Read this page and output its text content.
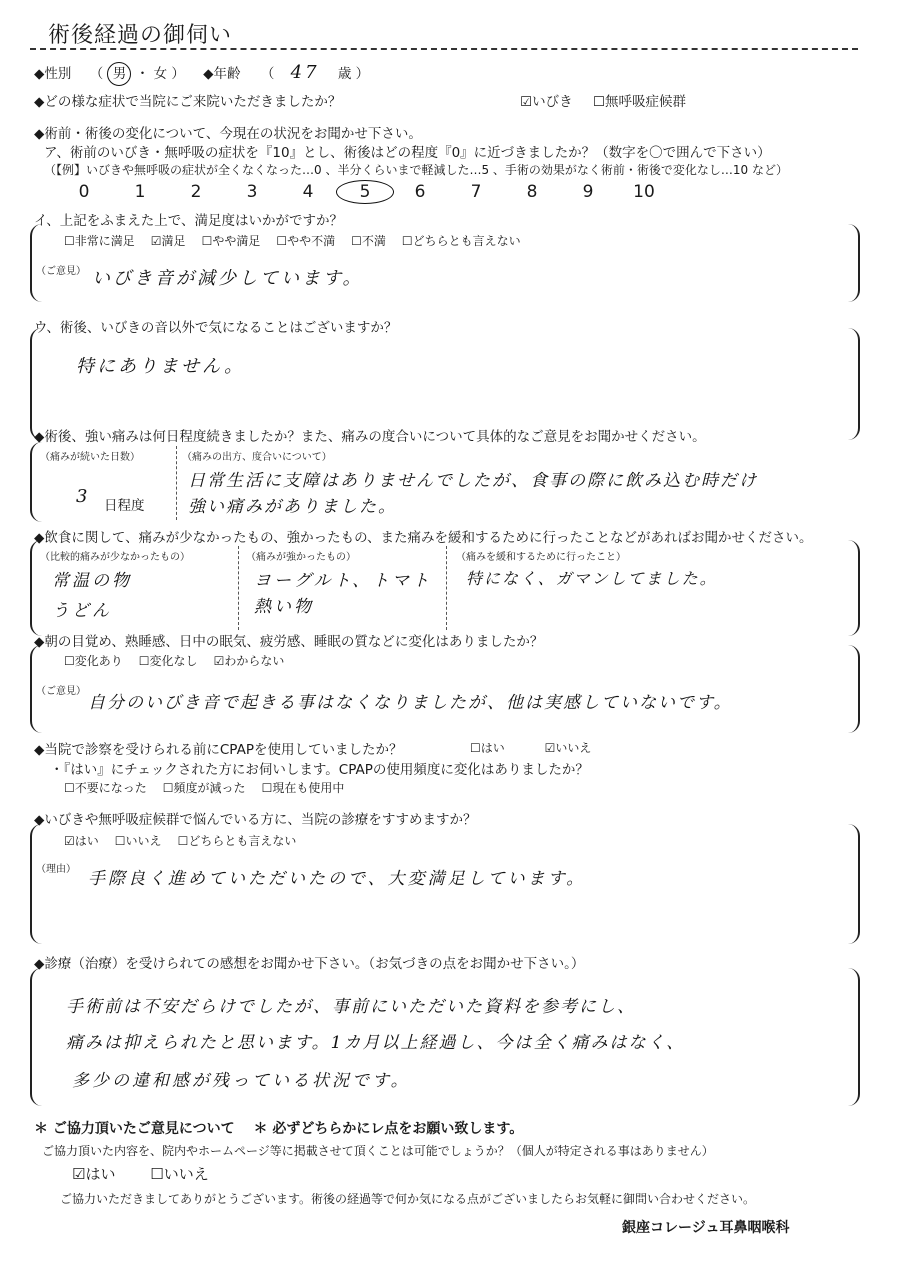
術後経過の御伺い
◆性別 （ 男 ・ 女 ） ◆年齢 （ 47 歳 ）
◆どの様な症状で当院にご来院いただきましたか？	☑ いびき ☐ 無呼吸症候群
◆術前・術後の変化について、今現在の状況をお聞かせ下さい。
ア、術前のいびき・無呼吸の症状を『10』とし、術後はどの程度『0』に近づきましたか？（数字を〇で囲んで下さい）
（【例】いびきや無呼吸の症状が全くなくなった…0 、半分くらいまで軽減した…5 、手術の効果がなく術前・術後で変化なし…10 など）
0	1	2	3	4	5	6	7	8	9 10
イ、上記をふまえた上で、満足度はいかがですか？
☐ 非常に満足 ☑ 満足 ☐ やや満足 ☐ やや不満 ☐ 不満 ☐ どちらとも言えない
（ご意見） いびき音が減少しています。
ウ、術後、いびきの音以外で気になることはございますか？
特にありません。
◆術後、強い痛みは何日程度続きましたか？また、痛みの度合いについて具体的なご意見をお聞かせください。
（痛みが続いた日数）
3 日程度
（痛みの出方、度合いについて）
日常生活に支障はありませんでしたが、食事の際に飲み込む時だけ
強い痛みがありました。
◆飲食に関して、痛みが少なかったもの、強かったもの、また痛みを緩和するために行ったことなどがあればお聞かせください。
（比較的痛みが少なかったもの）
常温の物
うどん
（痛みが強かったもの）
ヨーグルト、トマト
熱い物
（痛みを緩和するために行ったこと）
特になく、ガマンしてました。
◆朝の目覚め、熟睡感、日中の眠気、疲労感、睡眠の質などに変化はありましたか？
☐ 変化あり ☐ 変化なし ☑ わからない
（ご意見）
自分のいびき音で起きる事はなくなりましたが、他は実感していないです。
◆当院で診察を受けられる前にCPAPを使用していましたか？	☐ はい	☑ いいえ
・『はい』にチェックされた方にお伺いします。CPAPの使用頻度に変化はありましたか？
☐ 不要になった ☐ 頻度が減った ☐ 現在も使用中
◆いびきや無呼吸症候群で悩んでいる方に、当院の診療をすすめますか？
☑ はい ☐ いいえ ☐ どちらとも言えない
（理由） 手際良く進めていただいたので、大変満足しています。
◆診療（治療）を受けられての感想をお聞かせ下さい。（お気づきの点をお聞かせ下さい。）
手術前は不安だらけでしたが、事前にいただいた資料を参考にし、
痛みは抑えられたと思います。1カ月以上経過し、今は全く痛みはなく、
多少の違和感が残っている状況です。
＊ ご協力頂いたご意見について ＊ 必ずどちらかにレ点をお願い致します。
ご協力頂いた内容を、院内やホームページ等に掲載させて頂くことは可能でしょうか？（個人が特定される事はありません）
☑ はい	☐ いいえ
ご協力いただきましてありがとうございます。術後の経過等で何か気になる点がございましたらお気軽に御問い合わせください。
銀座コレージュ耳鼻咽喉科
